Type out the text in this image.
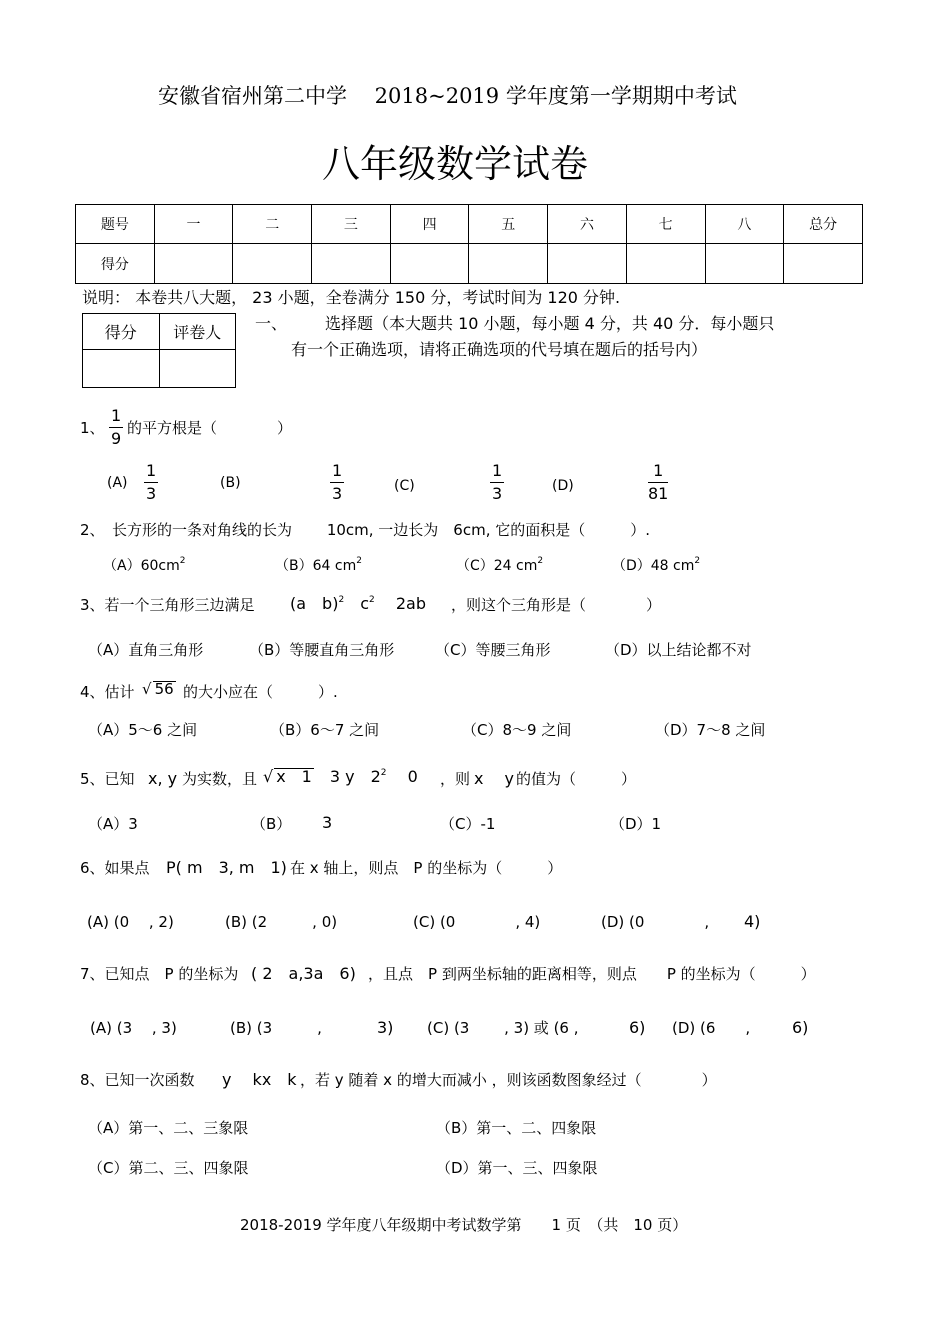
安徽省宿州第二中学　 2018~2019 学年度第一学期期中考试
八年级数学试卷
题号	一	二	三	四	五	六	七	八	总分
得分									
说明： 本卷共八大题， 23 小题，全卷满分 150 分，考试时间为 120 分钟.
得分	评卷人
	一、 选择题（本大题共 10 小题，每小题 4 分，共 40 分．每小题只
有一个正确选项，请将正确选项的代号填在题后的括号内）
1、
1
9
的平方根是（　　　　）
(A)
1
3
(B)
1
3	(C)
1
3	(D)
1
81
2、　长方形的一条对角线的长为　　 10cm, 一边长为　6cm, 它的面积是（　　　）.
$(A)60cm^2$	（B）64 $cm^2$	（C）24 $cm^2$	（D）48 $cm^2$
3、若一个三角形三边满足 (a　b)$^2$　 $c^2$　 2ab ，则这个三角形是（　　　　）
（A）直角三角形	（B）等腰直角三角形	（C）等腰三角形	（D）以上结论都不对
4、估计 √ 56 的大小应在（　　　）.
（A）5～6 之间	（B）6～7 之间	（C）8～9 之间	（D）7～8 之间
5、已知 x, y 为实数，且 √ x　1　 3 y　$2^2$　 0 ，则 x　 y 的值为（　　　）
（A）3	（B） 3	（C）-1	（D）1
6、如果点 P( m　3, m　1) 在 x 轴上，则点　P 的坐标为（　　　）
(A) (0　 , 2)	(B) (2　　　, 0)	(C) (0　　　　, 4)	(D) (0　　　　, 4)
7、已知点　P 的坐标为 ( 2　a,3a　6) ，且点　P 到两坐标轴的距离相等，则点　　P 的坐标为（　　　）
(A) (3　 , 3)	(B) (3　　　,	3) (C) (3　　 , 3) 或 (6 ,	6) (D) (6　　,	6)
8、已知一次函数 y　 kx　k ，若 y 随着 x 的增大而减小 ，则该函数图象经过（　　　　）
（A）第一、二、三象限	（B）第一、二、四象限
（C）第二、三、四象限	（D）第一、三、四象限
2018-2019 学年度八年级期中考试数学第　　1 页　（共　10 页）
